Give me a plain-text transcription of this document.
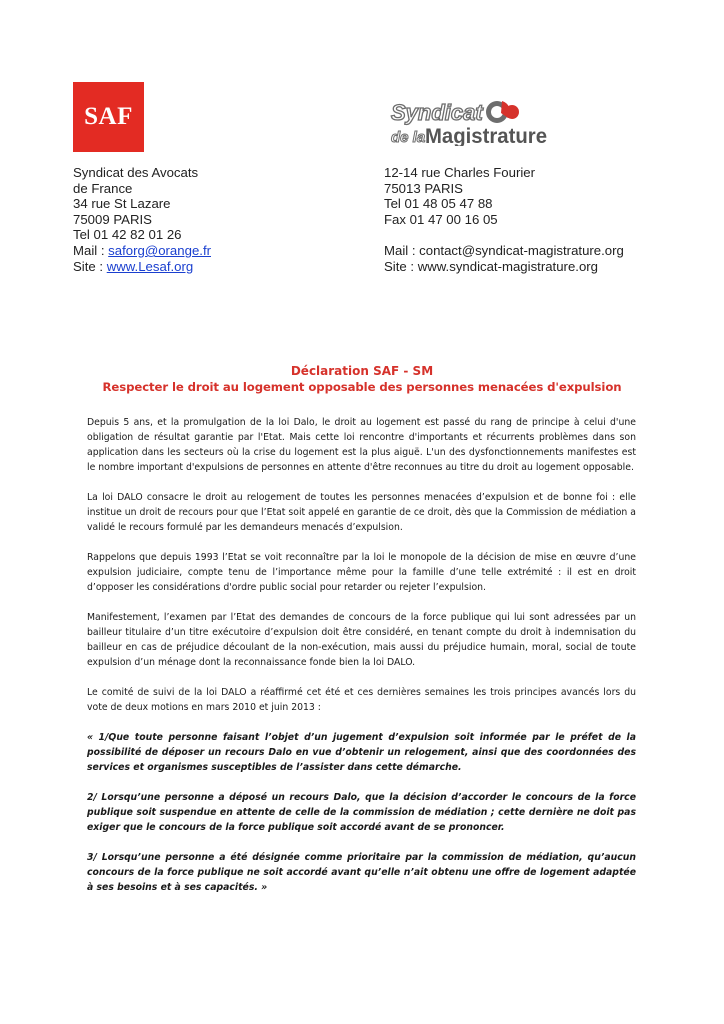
SAF	Syndicat
de la Magistrature
Syndicat des Avocats
de France
34 rue St Lazare
75009 PARIS
Tel 01 42 82 01 26
Mail : saforg@orange.fr
Site : www.Lesaf.org
12-14 rue Charles Fourier
75013 PARIS
Tel 01 48 05 47 88
Fax 01 47 00 16 05
Mail : contact@syndicat-magistrature.org
Site : www.syndicat-magistrature.org
Déclaration SAF - SM
Respecter le droit au logement opposable des personnes menacées d'expulsion

Depuis 5 ans, et la promulgation de la loi Dalo, le droit au logement est passé du rang de principe à celui d'une obligation de résultat garantie par l'Etat. Mais cette loi rencontre d'importants et récurrents problèmes dans son application dans les secteurs où la crise du logement est la plus aiguë. L'un des dysfonctionnements manifestes est le nombre important d'expulsions de personnes en attente d'être reconnues au titre du droit au logement opposable.

La loi DALO consacre le droit au relogement de toutes les personnes menacées d’expulsion et de bonne foi : elle institue un droit de recours pour que l’Etat soit appelé en garantie de ce droit, dès que la Commission de médiation a validé le recours formulé par les demandeurs menacés d’expulsion.

Rappelons que depuis 1993 l’Etat se voit reconnaître par la loi le monopole de la décision de mise en œuvre d’une expulsion judiciaire, compte tenu de l’importance même pour la famille d’une telle extrémité : il est en droit d’opposer les considérations d'ordre public social pour retarder ou rejeter l’expulsion.

Manifestement, l’examen par l’Etat des demandes de concours de la force publique qui lui sont adressées par un bailleur titulaire d’un titre exécutoire d’expulsion doit être considéré, en tenant compte du droit à indemnisation du bailleur en cas de préjudice découlant de la non-exécution, mais aussi du préjudice humain, moral, social de toute expulsion d’un ménage dont la reconnaissance fonde bien la loi DALO.

Le comité de suivi de la loi DALO a réaffirmé cet été et ces dernières semaines les trois principes avancés lors du vote de deux motions en mars 2010 et juin 2013 :

« 1/Que toute personne faisant l’objet d’un jugement d’expulsion soit informée par le préfet de la possibilité de déposer un recours Dalo en vue d’obtenir un relogement, ainsi que des coordonnées des services et organismes susceptibles de l’assister dans cette démarche.

2/ Lorsqu’une personne a déposé un recours Dalo, que la décision d’accorder le concours de la force publique soit suspendue en attente de celle de la commission de médiation ; cette dernière ne doit pas exiger que le concours de la force publique soit accordé avant de se prononcer.

3/ Lorsqu’une personne a été désignée comme prioritaire par la commission de médiation, qu’aucun concours de la force publique ne soit accordé avant qu’elle n’ait obtenu une offre de logement adaptée à ses besoins et à ses capacités. »
